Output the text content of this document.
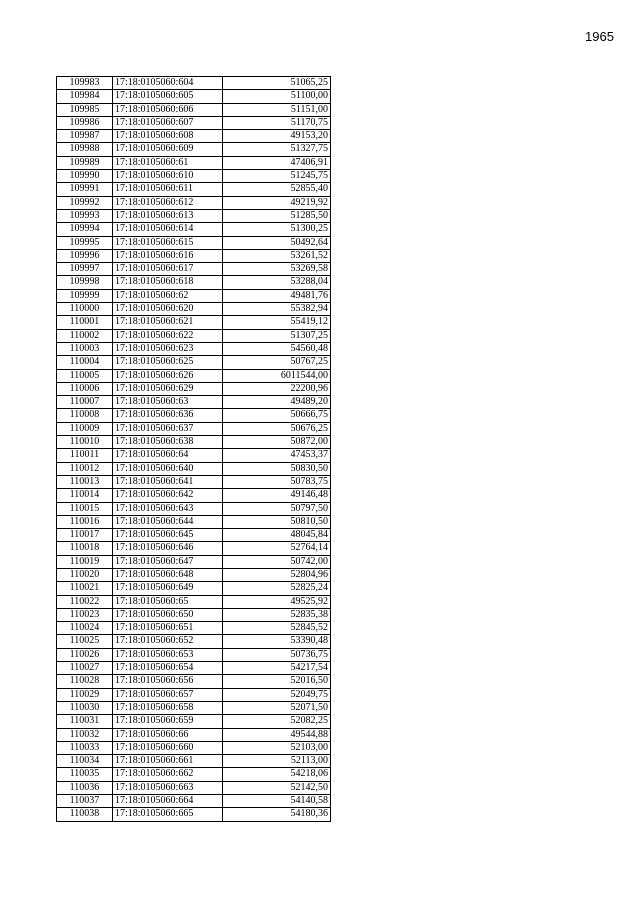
1965
109983	17:18:0105060:604	51065,25
109984	17:18:0105060:605	51100,00
109985	17:18:0105060:606	51151,00
109986	17:18:0105060:607	51170,75
109987	17:18:0105060:608	49153,20
109988	17:18:0105060:609	51327,75
109989	17:18:0105060:61	47406,91
109990	17:18:0105060:610	51245,75
109991	17:18:0105060:611	52855,40
109992	17:18:0105060:612	49219,92
109993	17:18:0105060:613	51285,50
109994	17:18:0105060:614	51300,25
109995	17:18:0105060:615	50492,64
109996	17:18:0105060:616	53261,52
109997	17:18:0105060:617	53269,58
109998	17:18:0105060:618	53288,04
109999	17:18:0105060:62	49481,76
110000	17:18:0105060:620	55382,94
110001	17:18:0105060:621	55419,12
110002	17:18:0105060:622	51307,25
110003	17:18:0105060:623	54560,48
110004	17:18:0105060:625	50767,25
110005	17:18:0105060:626	6011544,00
110006	17:18:0105060:629	22200,96
110007	17:18:0105060:63	49489,20
110008	17:18:0105060:636	50666,75
110009	17:18:0105060:637	50676,25
110010	17:18:0105060:638	50872,00
110011	17:18:0105060:64	47453,37
110012	17:18:0105060:640	50830,50
110013	17:18:0105060:641	50783,75
110014	17:18:0105060:642	49146,48
110015	17:18:0105060:643	50797,50
110016	17:18:0105060:644	50810,50
110017	17:18:0105060:645	48045,84
110018	17:18:0105060:646	52764,14
110019	17:18:0105060:647	50742,00
110020	17:18:0105060:648	52804,96
110021	17:18:0105060:649	52825,24
110022	17:18:0105060:65	49525,92
110023	17:18:0105060:650	52835,38
110024	17:18:0105060:651	52845,52
110025	17:18:0105060:652	53390,48
110026	17:18:0105060:653	50736,75
110027	17:18:0105060:654	54217,54
110028	17:18:0105060:656	52016,50
110029	17:18:0105060:657	52049,75
110030	17:18:0105060:658	52071,50
110031	17:18:0105060:659	52082,25
110032	17:18:0105060:66	49544,88
110033	17:18:0105060:660	52103,00
110034	17:18:0105060:661	52113,00
110035	17:18:0105060:662	54218,06
110036	17:18:0105060:663	52142,50
110037	17:18:0105060:664	54140,58
110038	17:18:0105060:665	54180,36
